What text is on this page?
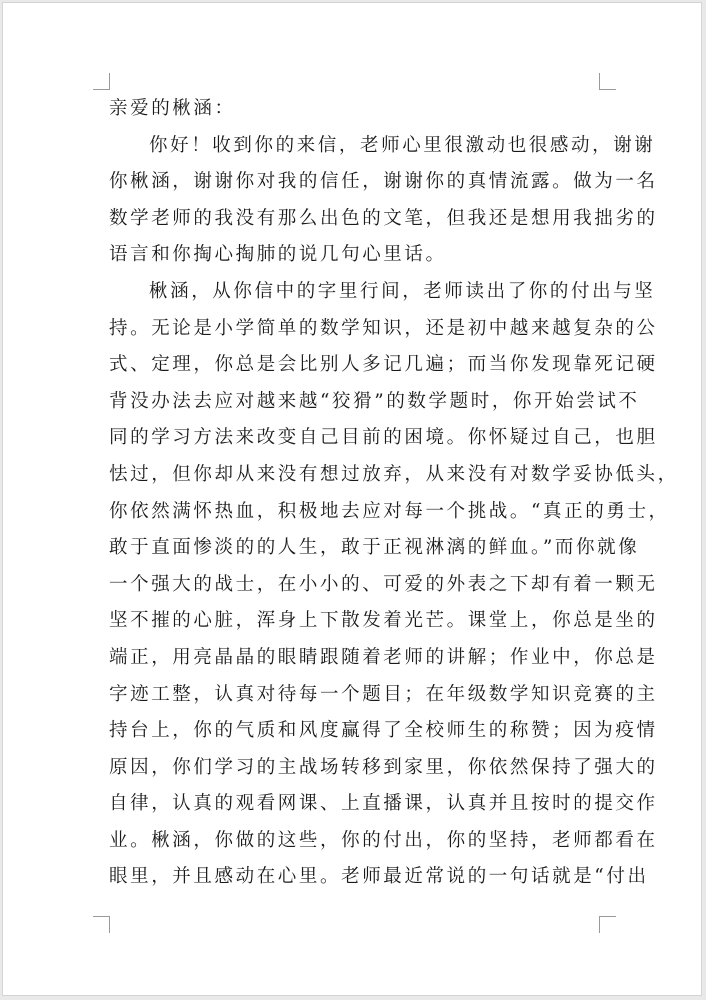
亲爱的楸涵：
你好！收到你的来信，老师心里很激动也很感动，谢谢
你楸涵，谢谢你对我的信任，谢谢你的真情流露。做为一名
数学老师的我没有那么出色的文笔，但我还是想用我拙劣的
语言和你掏心掏肺的说几句心里话。
楸涵，从你信中的字里行间，老师读出了你的付出与坚
持。无论是小学简单的数学知识，还是初中越来越复杂的公
式、定理，你总是会比别人多记几遍；而当你发现靠死记硬
背没办法去应对越来越“狡猾”的数学题时，你开始尝试不
同的学习方法来改变自己目前的困境。你怀疑过自己，也胆
怯过，但你却从来没有想过放弃，从来没有对数学妥协低头，
你依然满怀热血，积极地去应对每一个挑战。“真正的勇士，
敢于直面惨淡的的人生，敢于正视淋漓的鲜血。”而你就像
一个强大的战士，在小小的、可爱的外表之下却有着一颗无
坚不摧的心脏，浑身上下散发着光芒。课堂上，你总是坐的
端正，用亮晶晶的眼睛跟随着老师的讲解；作业中，你总是
字迹工整，认真对待每一个题目；在年级数学知识竞赛的主
持台上，你的气质和风度赢得了全校师生的称赞；因为疫情
原因，你们学习的主战场转移到家里，你依然保持了强大的
自律，认真的观看网课、上直播课，认真并且按时的提交作
业。楸涵，你做的这些，你的付出，你的坚持，老师都看在
眼里，并且感动在心里。老师最近常说的一句话就是“付出
